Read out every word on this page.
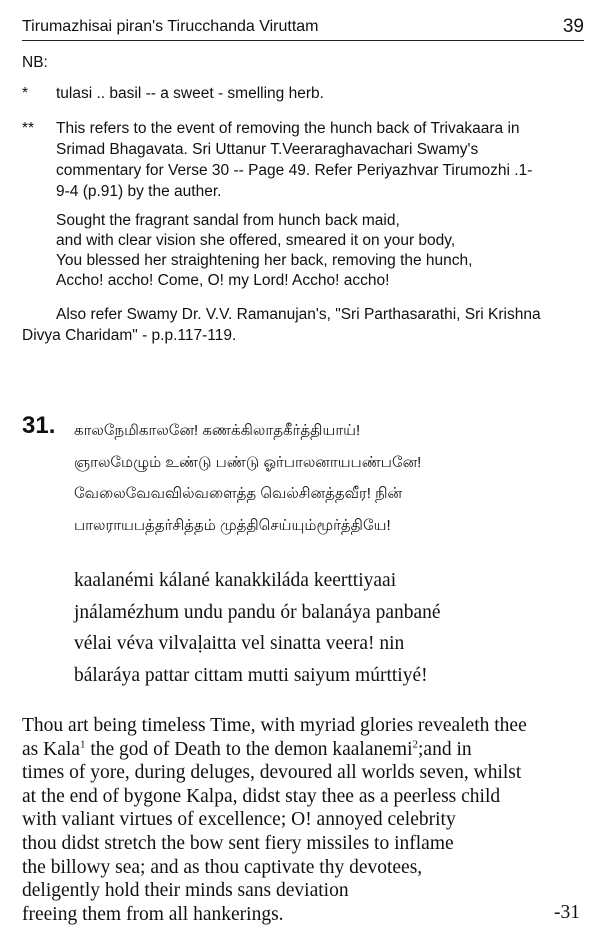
Tirumazhisai piran's Tirucchanda Viruttam	39
NB:
*	tulasi .. basil -- a sweet - smelling herb.
**	This refers to the event of removing the hunch back of Trivakaara in
Srimad Bhagavata. Sri Uttanur T.Veeraraghavachari Swamy's
commentary for Verse 30 -- Page 49. Refer Periyazhvar Tirumozhi .1-
9-4 (p.91) by the auther.
Sought the fragrant sandal from hunch back maid,
and with clear vision she offered, smeared it on your body,
You blessed her straightening her back, removing the hunch,
Accho! accho! Come, O! my Lord! Accho! accho!
Also refer Swamy Dr. V.V. Ramanujan's, "Sri Parthasarathi, Sri Krishna
Divya Charidam" - p.p.117-119.
31. காலநேமிகாலனே! கணக்கிலாதகீர்த்தியாய்!
ஞாலமேழும் உண்டு பண்டு ஓர்பாலனாயபண்பனே!
வேலைவேவவில்வளைத்த வெல்சினத்தவீர! நின்
பாலராயபத்தர்சித்தம் முத்திசெய்யும்மூர்த்தியே!
kaalanémi kálané kanakkiláda keerttiyaai
jnálamézhum undu pandu ór balanáya panbané
vélai véva vilvaḷaitta vel sinatta veera! nin
bálaráya pattar cittam mutti saiyum múrttiyé!
Thou art being timeless Time, with myriad glories revealeth thee
as Kala$^1$ the god of Death to the demon kaalanemi$^2$;and in
times of yore, during deluges, devoured all worlds seven, whilst
at the end of bygone Kalpa, didst stay thee as a peerless child
with valiant virtues of excellence; O! annoyed celebrity
thou didst stretch the bow sent fiery missiles to inflame
the billowy sea; and as thou captivate thy devotees,
deligently hold their minds sans deviation
freeing them from all hankerings.	-31
